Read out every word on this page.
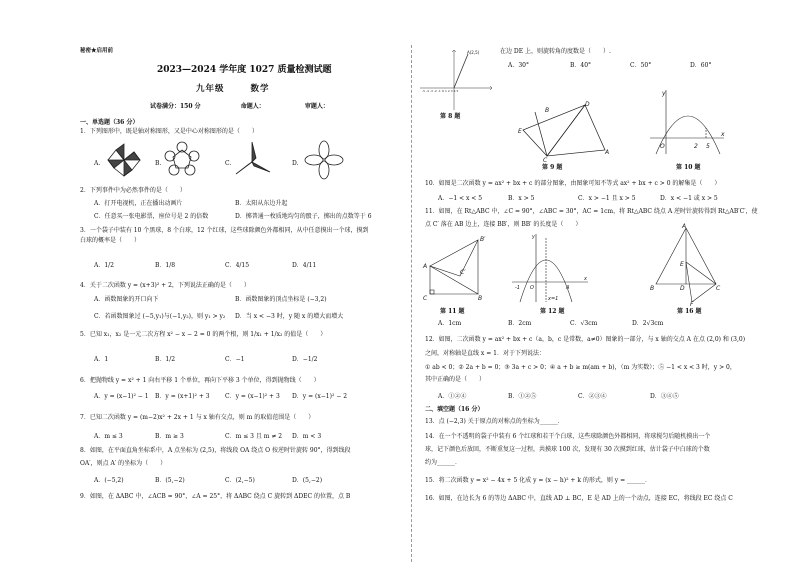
秘密★启用前
2023—2024 学年度 1027 质量检测试题
九年级	数学
试卷满分：150 分	命题人：	审题人：
一、单选题（36 分）
1．下列图形中，既是轴对称图形，又是中心对称图形的是（　　）
A.	B.	C.	D.
2．下列事件中为必然事件的是（　　）
A．打开电视机，正在播出动画片	B．太阳从东边升起
C．任意买一张电影票，座位号是 2 的倍数	D．掷普通一枚质地均匀的骰子，掷出的点数等于 6
3．一个袋子中装有 10 个黑球，8 个白球，12 个红球，这些球除颜色外都相同，从中任意摸出一个球，摸到
白球的概率是（　　）
A．1/2	B．1/8	C．4/15	D．4/11
4．关于二次函数 y = (x+3)² + 2，下列说法正确的是（　　）
A．函数图象的开口向下	B．函数图象的顶点坐标是 (−3,2)
C．若函数图象过 (−5,y₁)与(−1,y₂)，则 y₁ > y₂ D．当 x < −3 时，y 随 x 的增大而增大
5．已知 x₁，x₂ 是一元二次方程 x² − x − 2 = 0 的两个根，则 1/x₁ + 1/x₂ 的值是（　　）
A．1	B．1/2	C．−1	D．−1/2
6．把抛物线 y = x² + 1 向右平移 1 个单位，再向下平移 3 个单位，得到抛物线（　　）
A．y = (x−1)² − 1 B．y = (x+1)² + 3	C．y = (x−1)² + 3 D．y = (x−1)² − 2
7．已知二次函数 y = (m−2)x² + 2x + 1 与 x 轴有交点，则 m 的取值范围是（　　）
A．m ≤ 3	B．m ≥ 3	C．m ≤ 3 且 m ≠ 2 D．m < 3
8．如图，在平面直角坐标系中，A 点坐标为 (2,5)，将线段 OA 绕点 O 按逆时针旋转 90°，得到线段
OA′，则点 A′ 的坐标为（　　）
A．(−5,2)	B．(5,−2)	C．(2,−5)	D．(5,−2)
9．如图，在 ΔABC 中，∠ACB = 90°，∠A = 25°，将 ΔABC 绕点 C 旋转到 ΔDEC 的位置，点 B
-5 -4 -3 -2 -1 O 1 2 3 4 5
A(2,5)
第 8 题
在边 DE 上，则旋转角的度数是（　　）.
A．30°	B．40°	C．50°	D．60°
D
E
B
C
A
第 9 题
O
y
x
2 5
第 10 题
10．如图是二次函数 y = ax² + bx + c 的部分图象，由图象可知不等式 ax² + bx + c > 0 的解集是（　　）
A．−1 < x < 5	B．x > 5	C．x > −1 且 x > 5	D．x < −1 或 x > 5
11．如图，在 Rt△ABC 中，∠C = 90°，∠ABC = 30°，AC = 1cm，将 Rt△ABC 绕点 A 逆时针旋转得到 Rt△AB′C′，使
点 C′ 落在 AB 边上，连接 BB′，则 BB′ 的长度是（　　）
B′
A
C	B
C′
第 11 题
y
x
O	A
-1
x=1
第 12 题
A
B	C
E
D
F
第 16 题
A．1cm	B．2cm	C．√3cm	D．2√3cm
12．如图，二次函数 y = ax² + bx + c（a，b，c 是常数，a≠0）图象的一部分，与 x 轴的交点 A 在点 (2,0) 和 (3,0)
之间，对称轴是直线 x = 1．对于下列说法：
① ab < 0；② 2a + b = 0；③ 3a + c > 0；④ a + b ≥ m(am + b)，（m 为实数）；⑤ −1 < x < 3 时，y > 0，
其中正确的是（　　）
A．①②④	B．①②⑤	C．②③④	D．③④⑤
二、填空题（16 分）
13．点 (−2,3) 关于原点的对称点的坐标为______．
14．在一个不透明的袋子中装有 6 个红球和若干个白球，这些球除颜色外都相同，将球搅匀后随机摸出一个
球，记下颜色后放回，不断重复这一过程，共摸球 100 次，发现有 30 次摸到红球，估计袋子中白球的个数
约为______．
15．将二次函数 y = x² − 4x + 5 化成 y = (x − h)² + k 的形式，则 y = ______．
16．如图，在边长为 6 的等边 ΔABC 中，直线 AD ⊥ BC，E 是 AD 上的一个动点，连接 EC，将线段 EC 绕点 C
